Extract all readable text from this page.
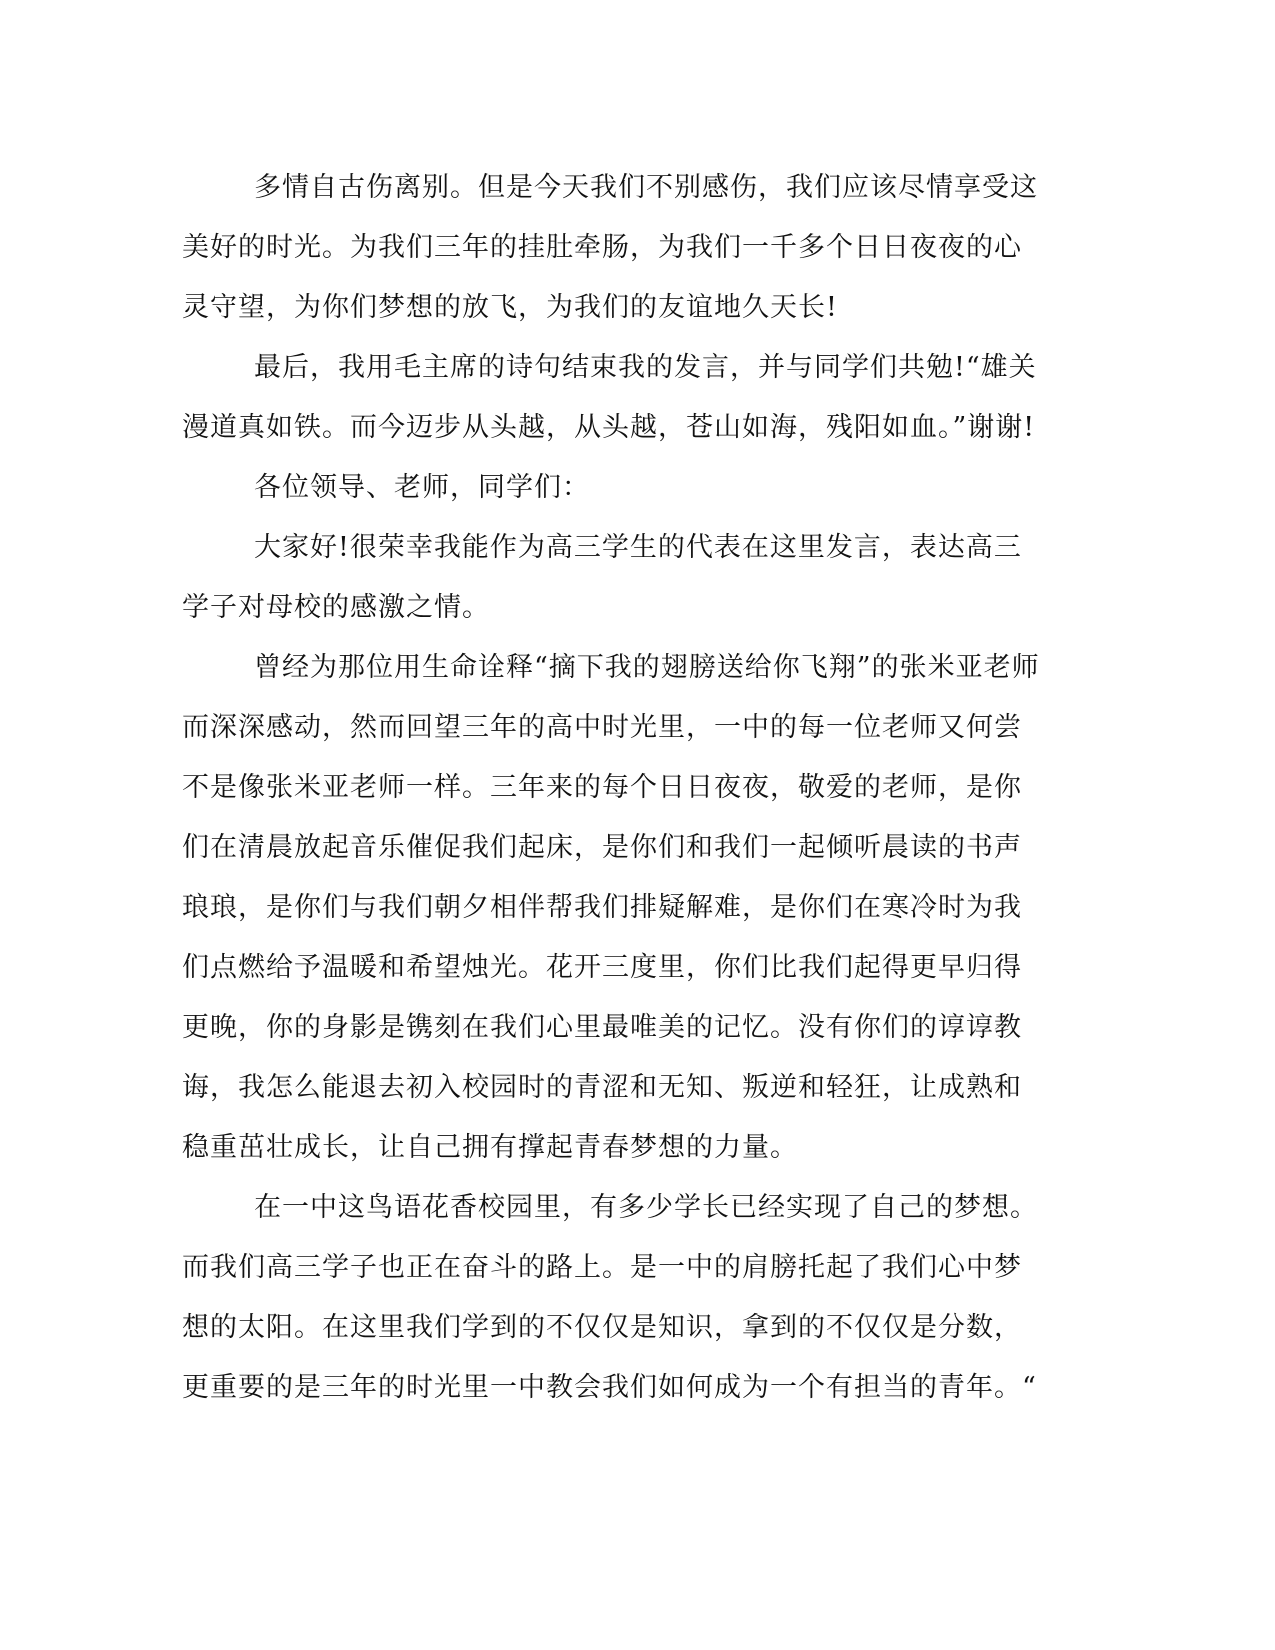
多情自古伤离别。但是今天我们不别感伤，我们应该尽情享受这
美好的时光。为我们三年的挂肚牵肠，为我们一千多个日日夜夜的心
灵守望，为你们梦想的放飞，为我们的友谊地久天长!
最后，我用毛主席的诗句结束我的发言，并与同学们共勉!“雄关
漫道真如铁。而今迈步从头越，从头越，苍山如海，残阳如血。”谢谢!
各位领导、老师，同学们：
大家好!很荣幸我能作为高三学生的代表在这里发言，表达高三
学子对母校的感激之情。
曾经为那位用生命诠释“摘下我的翅膀送给你飞翔”的张米亚老师
而深深感动，然而回望三年的高中时光里，一中的每一位老师又何尝
不是像张米亚老师一样。三年来的每个日日夜夜，敬爱的老师，是你
们在清晨放起音乐催促我们起床，是你们和我们一起倾听晨读的书声
琅琅，是你们与我们朝夕相伴帮我们排疑解难，是你们在寒冷时为我
们点燃给予温暖和希望烛光。花开三度里，你们比我们起得更早归得
更晚，你的身影是镌刻在我们心里最唯美的记忆。没有你们的谆谆教
诲，我怎么能退去初入校园时的青涩和无知、叛逆和轻狂，让成熟和
稳重茁壮成长，让自己拥有撑起青春梦想的力量。
在一中这鸟语花香校园里，有多少学长已经实现了自己的梦想。
而我们高三学子也正在奋斗的路上。是一中的肩膀托起了我们心中梦
想的太阳。在这里我们学到的不仅仅是知识，拿到的不仅仅是分数，
更重要的是三年的时光里一中教会我们如何成为一个有担当的青年。“
